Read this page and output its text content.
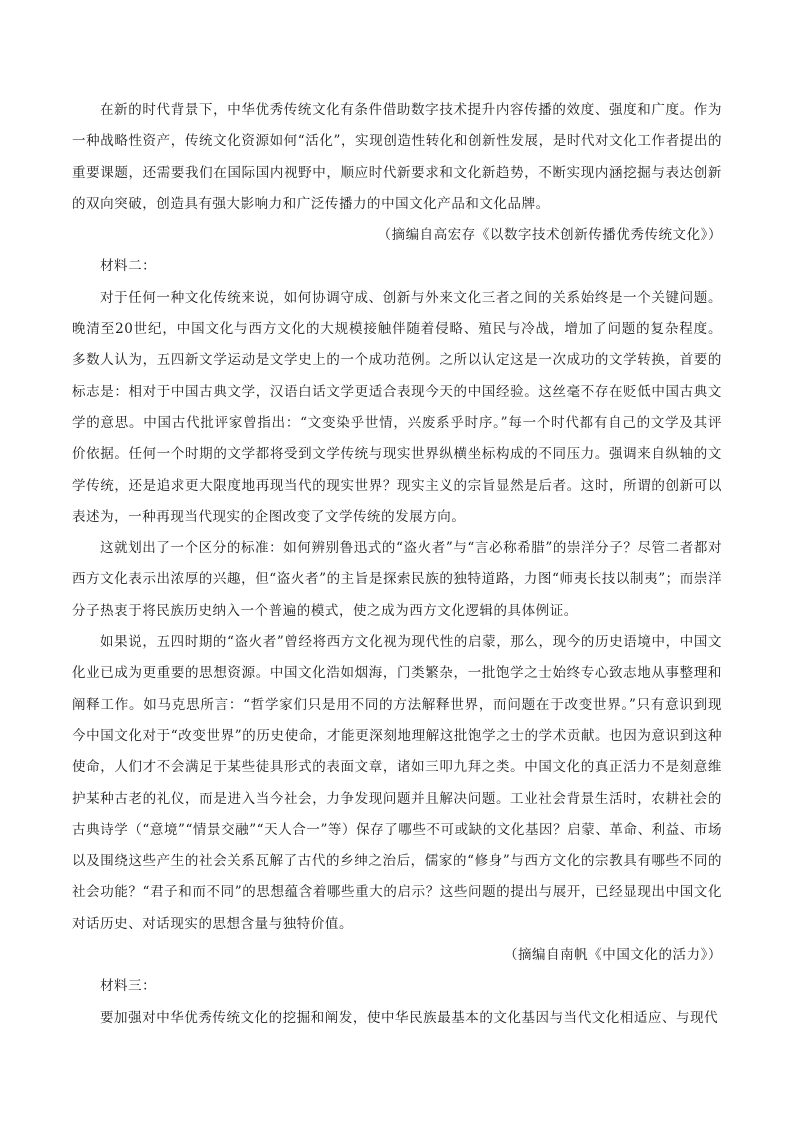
在新的时代背景下，中华优秀传统文化有条件借助数字技术提升内容传播的效度、强度和广度。作为一种战略性资产，传统文化资源如何“活化”，实现创造性转化和创新性发展，是时代对文化工作者提出的重要课题，还需要我们在国际国内视野中，顺应时代新要求和文化新趋势，不断实现内涵挖掘与表达创新的双向突破，创造具有强大影响力和广泛传播力的中国文化产品和文化品牌。

（摘编自高宏存《以数字技术创新传播优秀传统文化》）

材料二：

对于任何一种文化传统来说，如何协调守成、创新与外来文化三者之间的关系始终是一个关键问题。晚清至20世纪，中国文化与西方文化的大规模接触伴随着侵略、殖民与冷战，增加了问题的复杂程度。多数人认为，五四新文学运动是文学史上的一个成功范例。之所以认定这是一次成功的文学转换，首要的标志是：相对于中国古典文学，汉语白话文学更适合表现今天的中国经验。这丝毫不存在贬低中国古典文学的意思。中国古代批评家曾指出：“文变染乎世情，兴废系乎时序。”每一个时代都有自己的文学及其评价依据。任何一个时期的文学都将受到文学传统与现实世界纵横坐标构成的不同压力。强调来自纵轴的文学传统，还是追求更大限度地再现当代的现实世界？现实主义的宗旨显然是后者。这时，所谓的创新可以表述为，一种再现当代现实的企图改变了文学传统的发展方向。

这就划出了一个区分的标准：如何辨别鲁迅式的“盗火者”与“言必称希腊”的崇洋分子？尽管二者都对西方文化表示出浓厚的兴趣，但“盗火者”的主旨是探索民族的独特道路，力图“师夷长技以制夷”；而崇洋分子热衷于将民族历史纳入一个普遍的模式，使之成为西方文化逻辑的具体例证。

如果说，五四时期的“盗火者”曾经将西方文化视为现代性的启蒙，那么，现今的历史语境中，中国文化业已成为更重要的思想资源。中国文化浩如烟海，门类繁杂，一批饱学之士始终专心致志地从事整理和阐释工作。如马克思所言：“哲学家们只是用不同的方法解释世界，而问题在于改变世界。”只有意识到现今中国文化对于“改变世界”的历史使命，才能更深刻地理解这批饱学之士的学术贡献。也因为意识到这种使命，人们才不会满足于某些徒具形式的表面文章，诸如三叩九拜之类。中国文化的真正活力不是刻意维护某种古老的礼仪，而是进入当今社会，力争发现问题并且解决问题。工业社会背景生活时，农耕社会的古典诗学（“意境”“情景交融”“天人合一”等）保存了哪些不可或缺的文化基因？启蒙、革命、利益、市场以及围绕这些产生的社会关系瓦解了古代的乡绅之治后，儒家的“修身”与西方文化的宗教具有哪些不同的社会功能？“君子和而不同”的思想蕴含着哪些重大的启示？这些问题的提出与展开，已经显现出中国文化对话历史、对话现实的思想含量与独特价值。

（摘编自南帆《中国文化的活力》）

材料三：

要加强对中华优秀传统文化的挖掘和阐发，使中华民族最基本的文化基因与当代文化相适应、与现代
